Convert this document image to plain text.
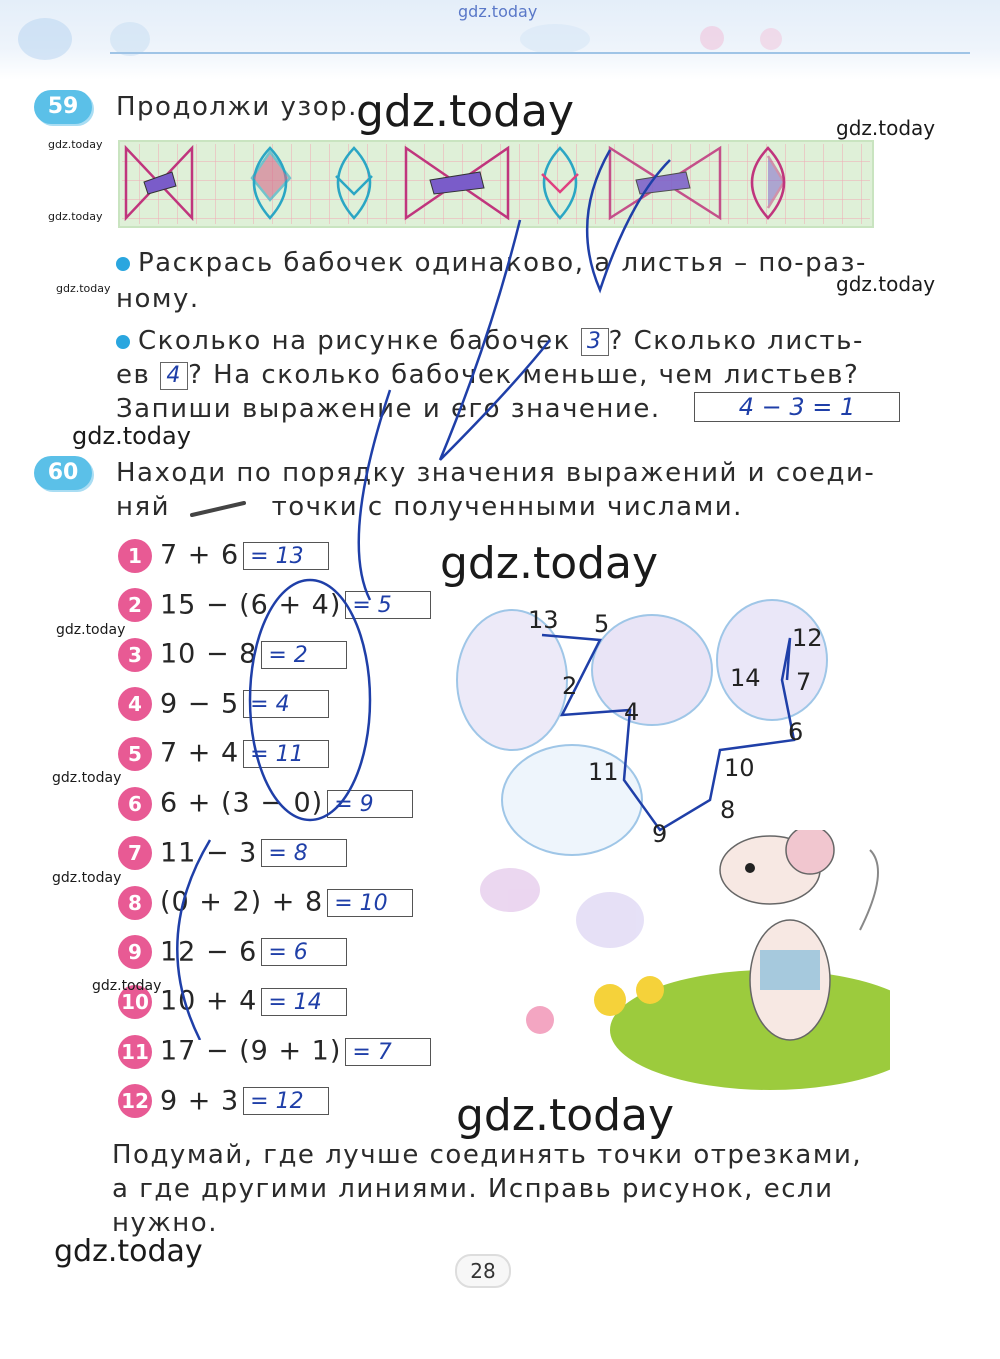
gdz.today
59	Продолжи узор.
Раскрась бабочек одинаково, а листья – по-раз-
ному.
Сколько на рисунке бабочек 3 ? Сколько листь-
ев 4 ? На сколько бабочек меньше, чем листьев?
Запиши выражение и его значение.	4 − 3 = 1
60	Находи по порядку значения выражений и соеди-
няй	точки с полученными числами.
1 7 + 6 = 13
2 15 − (6 + 4) = 5
3 10 − 8 = 2
4 9 − 5 = 4
5 7 + 4 = 11
6 6 + (3 − 0) = 9
7 11 − 3 = 8
8 (0 + 2) + 8 = 10
9 12 − 6 = 6
10 10 + 4 = 14
11 17 − (9 + 1) = 7
12 9 + 3 = 12
13 5
2
4
11
9
8
10
6
14
12
7
Подумай, где лучше соединять точки отрезками,
а где другими линиями. Исправь рисунок, если
нужно.
28
gdz.today
gdz.today
gdz.today
gdz.today
gdz.today
gdz.today
gdz.today
gdz.today
gdz.today
gdz.today
gdz.today
gdz.today
gdz.today
gdz.today
